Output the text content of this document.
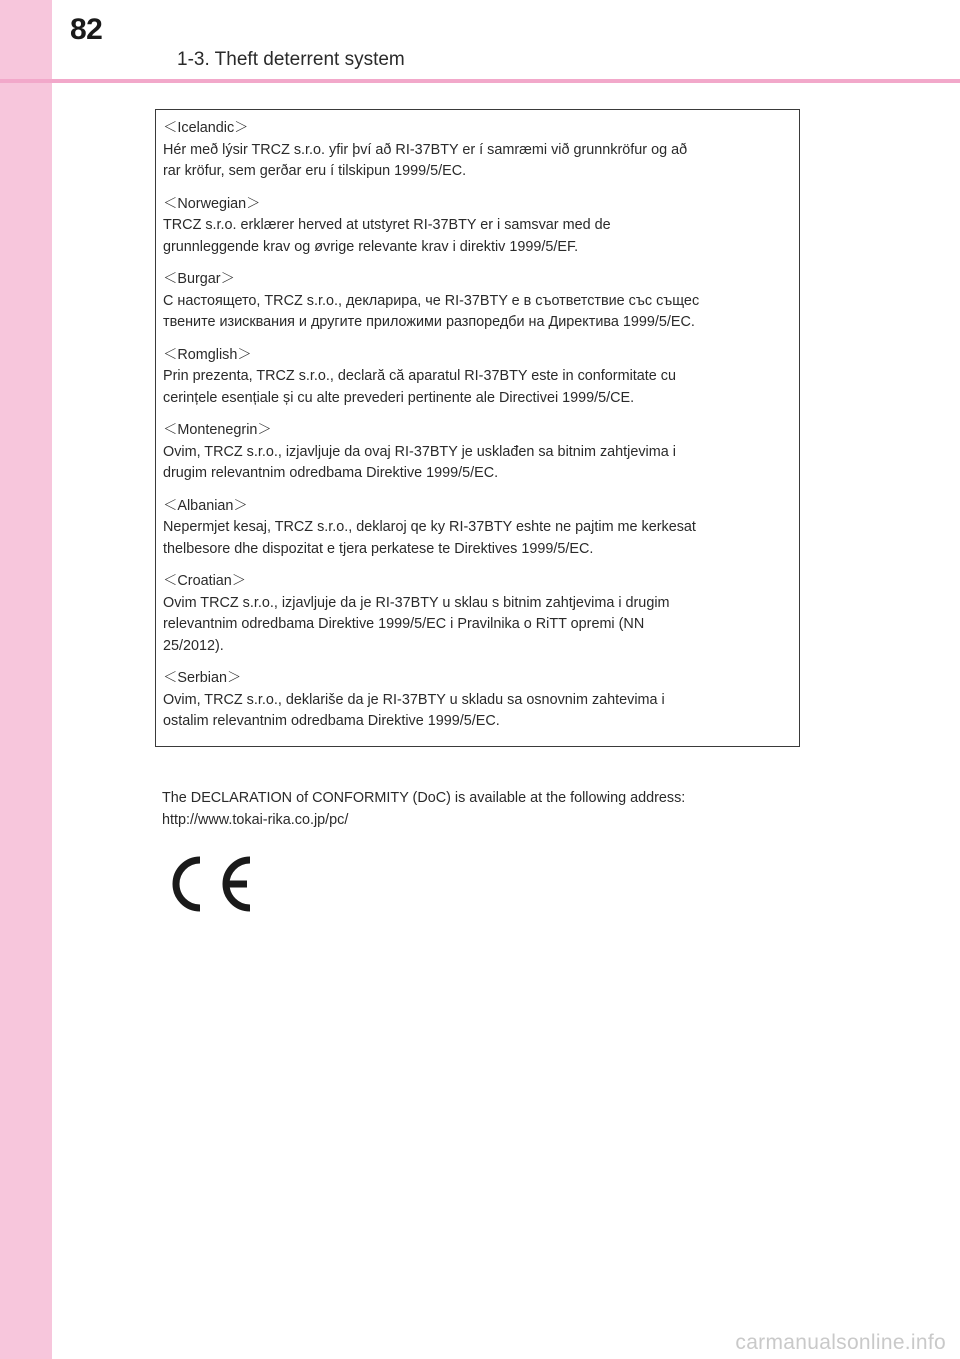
82
1-3. Theft deterrent system
＜Icelandic＞
Hér með lýsir TRCZ s.r.o. yfir því að RI-37BTY er í samræmi við grunnkröfur og að
rar kröfur, sem gerðar eru í tilskipun 1999/5/EC.
＜Norwegian＞
TRCZ s.r.o. erklærer herved at utstyret RI-37BTY er i samsvar med de
grunnleggende krav og øvrige relevante krav i direktiv 1999/5/EF.
＜Burgar＞
С настоящето, TRCZ s.r.o., декларира, че RI-37BTY е в съответствие със същес
твените изисквания и другите приложими разпоредби на Директива 1999/5/ЕС.
＜Romglish＞
Prin prezenta, TRCZ s.r.o., declară că aparatul RI-37BTY este in conformitate cu
cerințele esențiale și cu alte prevederi pertinente ale Directivei 1999/5/CE.
＜Montenegrin＞
Ovim, TRCZ s.r.o., izjavljuje da ovaj RI-37BTY je usklađen sa bitnim zahtjevima i
drugim relevantnim odredbama Direktive 1999/5/EC.
＜Albanian＞
Nepermjet kesaj, TRCZ s.r.o., deklaroj qe ky RI-37BTY eshte ne pajtim me kerkesat
thelbesore dhe dispozitat e tjera perkatese te Direktives 1999/5/EC.
＜Croatian＞
Ovim TRCZ s.r.o., izjavljuje da je RI-37BTY u sklau s bitnim zahtjevima i drugim
relevantnim odredbama Direktive 1999/5/EC i Pravilnika o RiTT opremi (NN
25/2012).
＜Serbian＞
Ovim, TRCZ s.r.o., deklariše da je RI-37BTY u skladu sa osnovnim zahtevima i
ostalim relevantnim odredbama Direktive 1999/5/EC.
The DECLARATION of CONFORMITY (DoC) is available at the following address:
http://www.tokai-rika.co.jp/pc/
carmanualsonline.info
